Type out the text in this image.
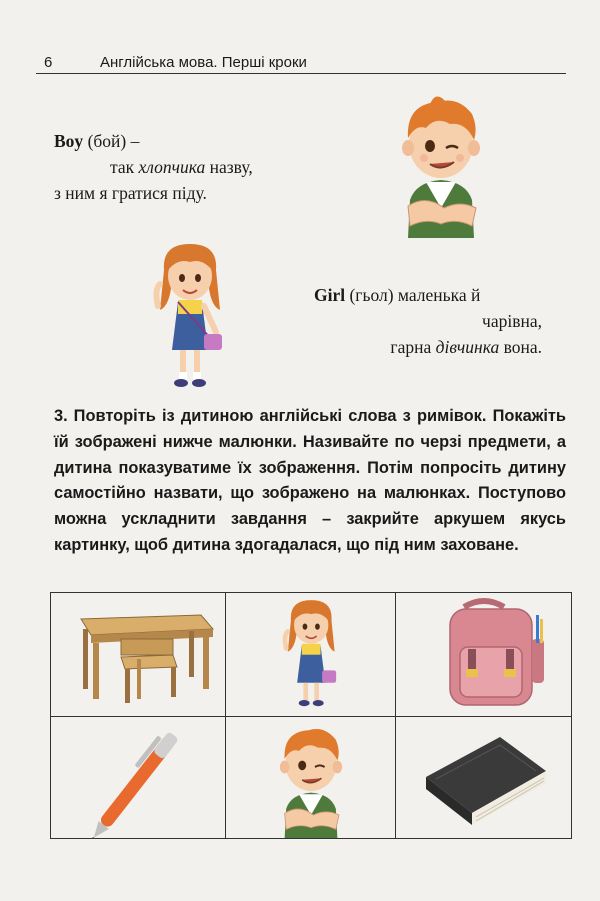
6	Англійська мова. Перші кроки
Boy (бой) –
так хлопчика назву,
з ним я гратися піду.
Girl (гьол) маленька й
чарівна,
гарна дівчинка вона.
3. Повторіть із дитиною англійські слова з римівок. Покажіть їй зображені нижче малюнки. Називайте по черзі предмети, а дитина показуватиме їх зображення. Потім попросіть дитину самостійно назвати, що зображено на малюнках. Поступово можна ускладнити завдання – закрийте аркушем якусь картинку, щоб дитина здогадалася, що під ним заховане.
